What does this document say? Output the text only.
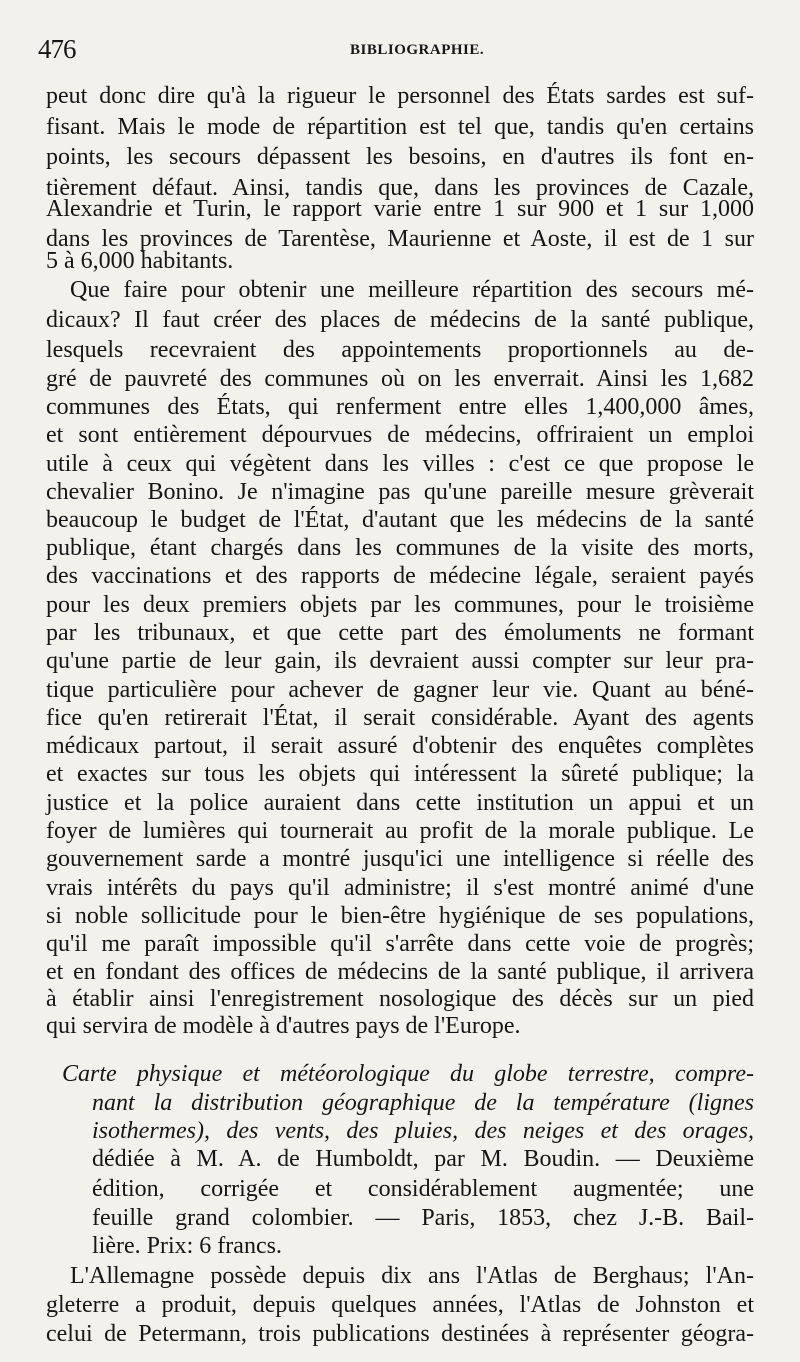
476	BIBLIOGRAPHIE.
peut donc dire qu'à la rigueur le personnel des États sardes est suf-
fisant. Mais le mode de répartition est tel que, tandis qu'en certains
points, les secours dépassent les besoins, en d'autres ils font en-
tièrement défaut. Ainsi, tandis que, dans les provinces de Cazale,
Alexandrie et Turin, le rapport varie entre 1 sur 900 et 1 sur 1,000
dans les provinces de Tarentèse, Maurienne et Aoste, il est de 1 sur
5 à 6,000 habitants.
Que faire pour obtenir une meilleure répartition des secours mé-
dicaux? Il faut créer des places de médecins de la santé publique,
lesquels recevraient des appointements proportionnels au de-
gré de pauvreté des communes où on les enverrait. Ainsi les 1,682
communes des États, qui renferment entre elles 1,400,000 âmes,
et sont entièrement dépourvues de médecins, offriraient un emploi
utile à ceux qui végètent dans les villes : c'est ce que propose le
chevalier Bonino. Je n'imagine pas qu'une pareille mesure grèverait
beaucoup le budget de l'État, d'autant que les médecins de la santé
publique, étant chargés dans les communes de la visite des morts,
des vaccinations et des rapports de médecine légale, seraient payés
pour les deux premiers objets par les communes, pour le troisième
par les tribunaux, et que cette part des émoluments ne formant
qu'une partie de leur gain, ils devraient aussi compter sur leur pra-
tique particulière pour achever de gagner leur vie. Quant au béné-
fice qu'en retirerait l'État, il serait considérable. Ayant des agents
médicaux partout, il serait assuré d'obtenir des enquêtes complètes
et exactes sur tous les objets qui intéressent la sûreté publique; la
justice et la police auraient dans cette institution un appui et un
foyer de lumières qui tournerait au profit de la morale publique. Le
gouvernement sarde a montré jusqu'ici une intelligence si réelle des
vrais intérêts du pays qu'il administre; il s'est montré animé d'une
si noble sollicitude pour le bien-être hygiénique de ses populations,
qu'il me paraît impossible qu'il s'arrête dans cette voie de progrès;
et en fondant des offices de médecins de la santé publique, il arrivera
à établir ainsi l'enregistrement nosologique des décès sur un pied
qui servira de modèle à d'autres pays de l'Europe.
Carte physique et météorologique du globe terrestre, compre-
nant la distribution géographique de la température (lignes
isothermes), des vents, des pluies, des neiges et des orages,
dédiée à M. A. de Humboldt, par M. Boudin. — Deuxième
édition, corrigée et considérablement augmentée; une
feuille grand colombier. — Paris, 1853, chez J.-B. Bail-
lière. Prix: 6 francs.
L'Allemagne possède depuis dix ans l'Atlas de Berghaus; l'An-
gleterre a produit, depuis quelques années, l'Atlas de Johnston et
celui de Petermann, trois publications destinées à représenter géogra-
